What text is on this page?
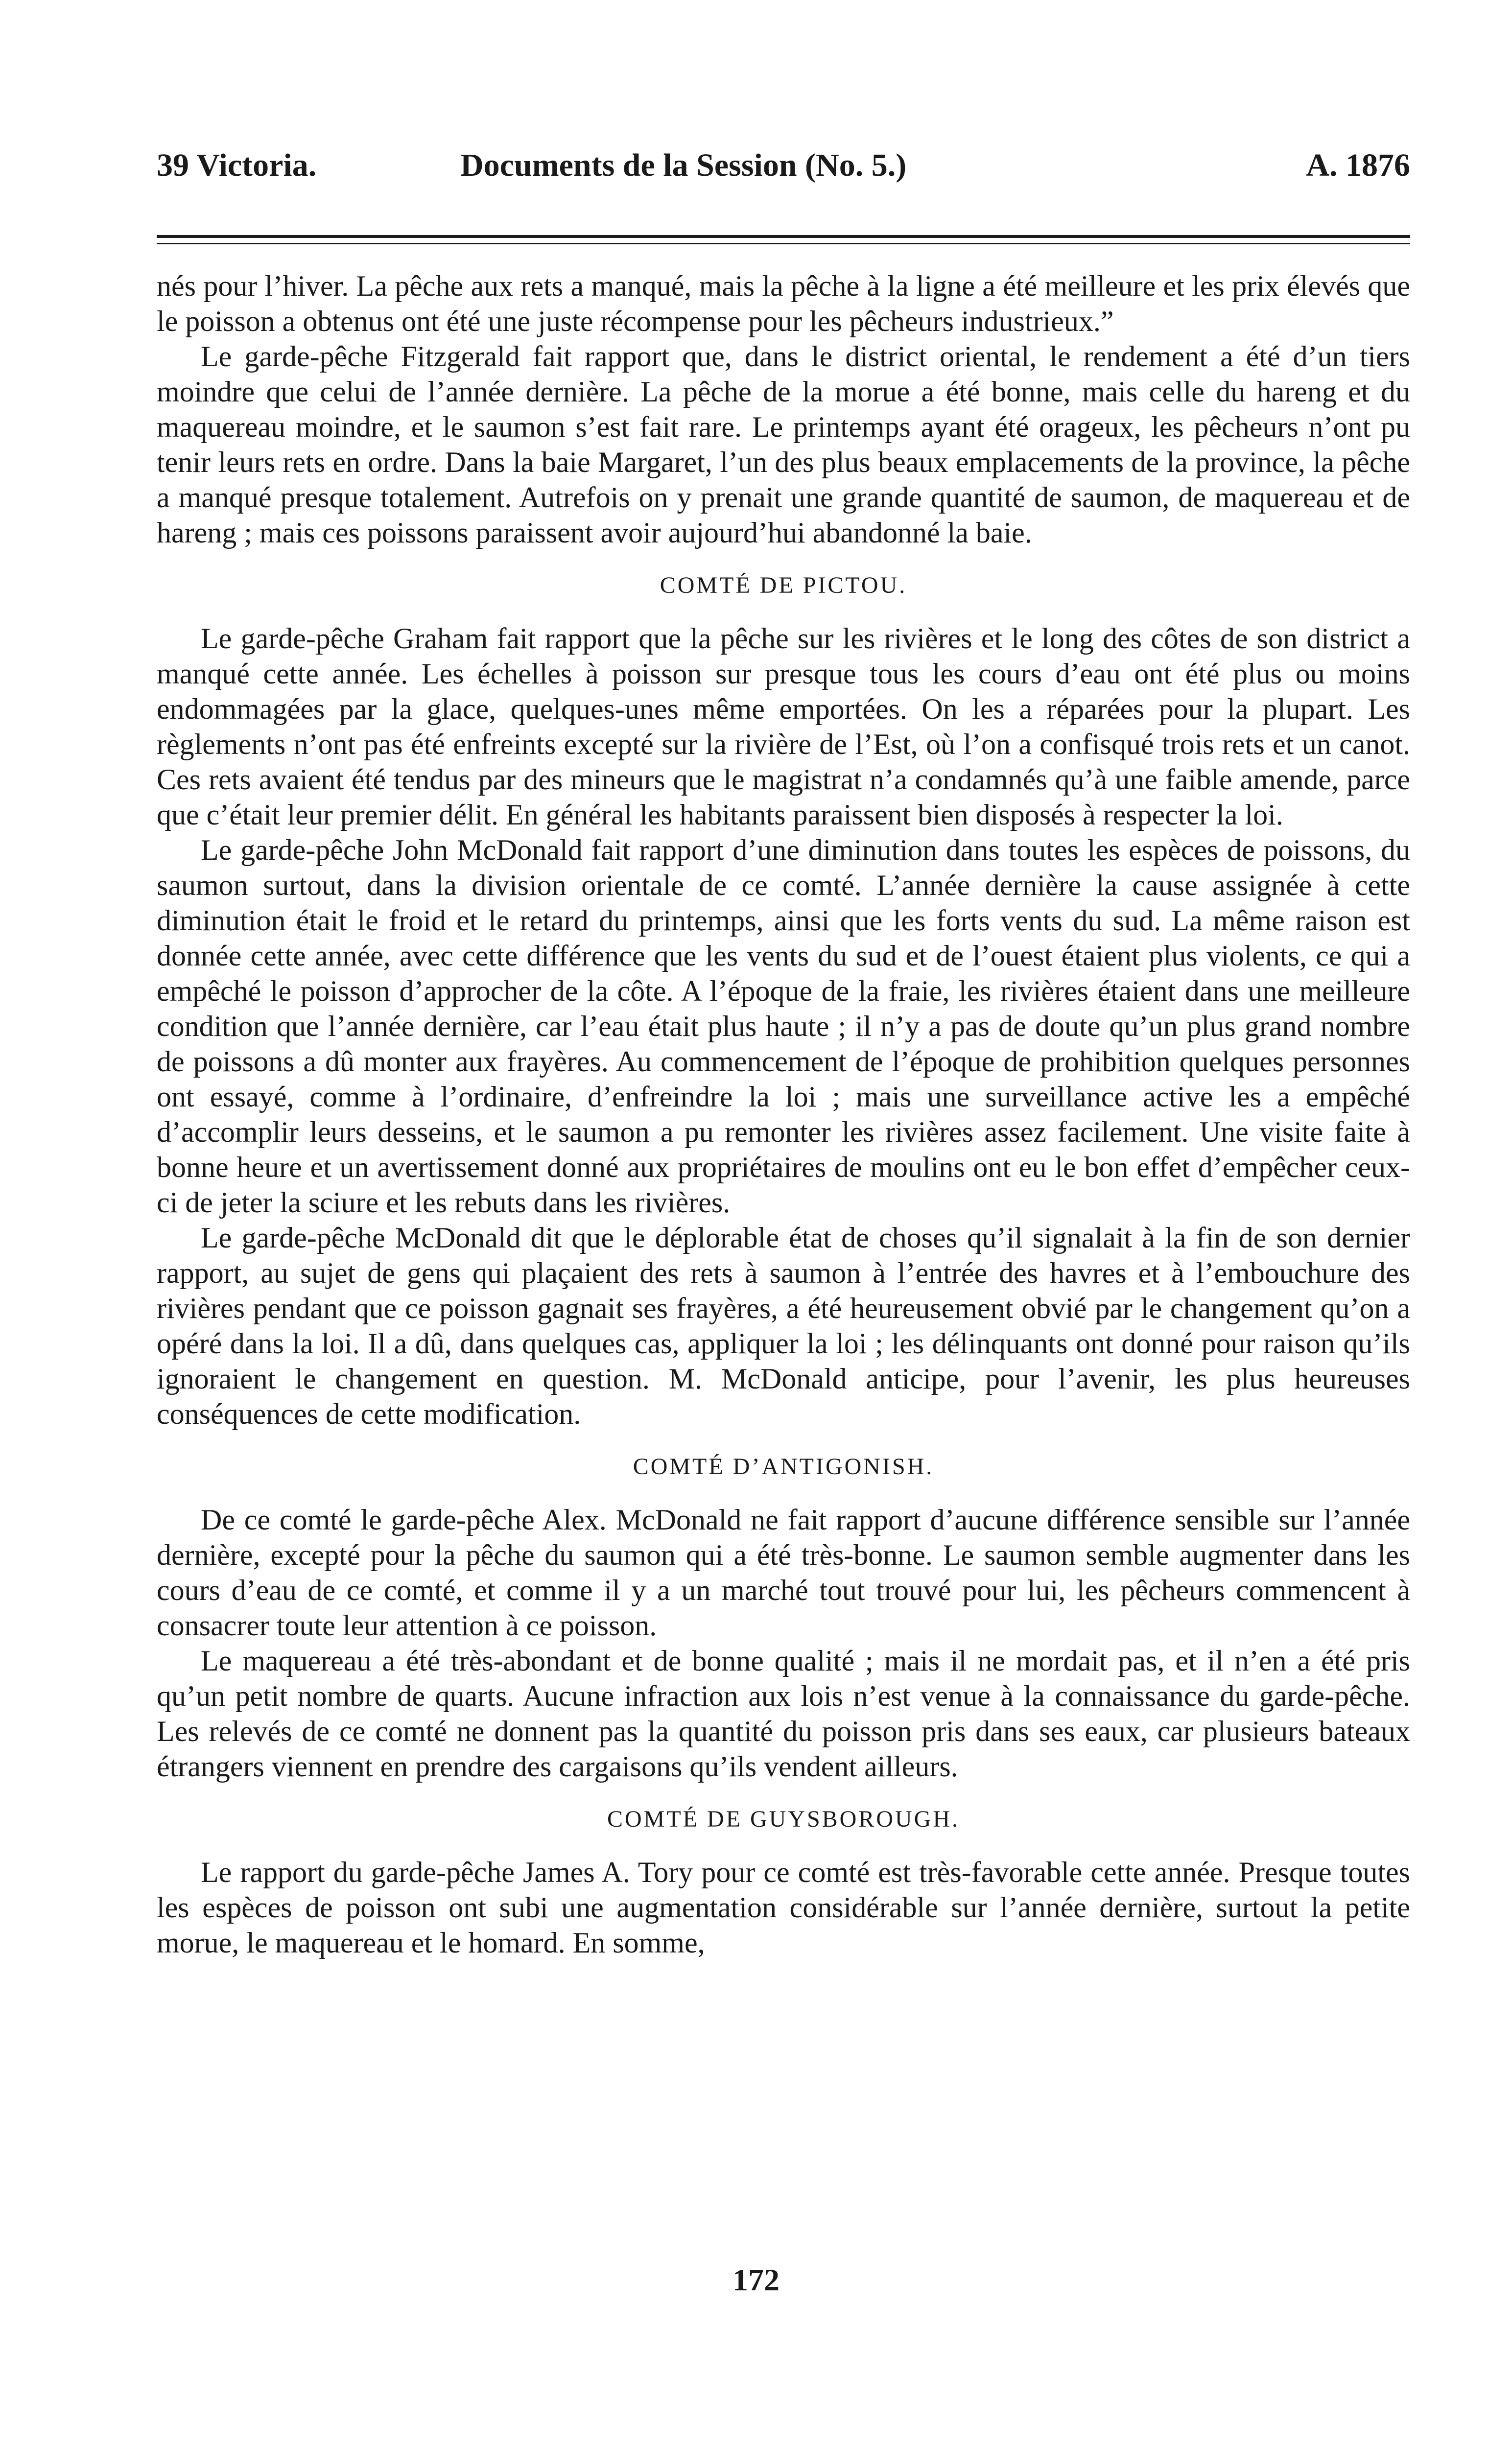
39 Victoria.	Documents de la Session (No. 5.)	A. 1876

nés pour l’hiver. La pêche aux rets a manqué, mais la pêche à la ligne a été meilleure et les prix élevés que le poisson a obtenus ont été une juste récompense pour les pêcheurs industrieux.”

Le garde-pêche Fitzgerald fait rapport que, dans le district oriental, le rendement a été d’un tiers moindre que celui de l’année dernière. La pêche de la morue a été bonne, mais celle du hareng et du maquereau moindre, et le saumon s’est fait rare. Le printemps ayant été orageux, les pêcheurs n’ont pu tenir leurs rets en ordre. Dans la baie Margaret, l’un des plus beaux emplacements de la province, la pêche a manqué presque totalement. Autrefois on y prenait une grande quantité de saumon, de maquereau et de hareng ; mais ces poissons paraissent avoir aujourd’hui abandonné la baie.

COMTÉ DE PICTOU.

Le garde-pêche Graham fait rapport que la pêche sur les rivières et le long des côtes de son district a manqué cette année. Les échelles à poisson sur presque tous les cours d’eau ont été plus ou moins endommagées par la glace, quelques-unes même emportées. On les a réparées pour la plupart. Les règlements n’ont pas été enfreints excepté sur la rivière de l’Est, où l’on a confisqué trois rets et un canot. Ces rets avaient été tendus par des mineurs que le magistrat n’a condamnés qu’à une faible amende, parce que c’était leur premier délit. En général les habitants paraissent bien disposés à respecter la loi.

Le garde-pêche John McDonald fait rapport d’une diminution dans toutes les espèces de poissons, du saumon surtout, dans la division orientale de ce comté. L’année dernière la cause assignée à cette diminution était le froid et le retard du printemps, ainsi que les forts vents du sud. La même raison est donnée cette année, avec cette différence que les vents du sud et de l’ouest étaient plus violents, ce qui a empêché le poisson d’approcher de la côte. A l’époque de la fraie, les rivières étaient dans une meilleure condition que l’année dernière, car l’eau était plus haute ; il n’y a pas de doute qu’un plus grand nombre de poissons a dû monter aux frayères. Au commencement de l’époque de prohibition quelques personnes ont essayé, comme à l’ordinaire, d’enfreindre la loi ; mais une surveillance active les a empêché d’accomplir leurs desseins, et le saumon a pu remonter les rivières assez facilement. Une visite faite à bonne heure et un avertissement donné aux propriétaires de moulins ont eu le bon effet d’empêcher ceux-ci de jeter la sciure et les rebuts dans les rivières.

Le garde-pêche McDonald dit que le déplorable état de choses qu’il signalait à la fin de son dernier rapport, au sujet de gens qui plaçaient des rets à saumon à l’entrée des havres et à l’embouchure des rivières pendant que ce poisson gagnait ses frayères, a été heureusement obvié par le changement qu’on a opéré dans la loi. Il a dû, dans quelques cas, appliquer la loi ; les délinquants ont donné pour raison qu’ils ignoraient le changement en question. M. McDonald anticipe, pour l’avenir, les plus heureuses conséquences de cette modification.

COMTÉ D’ANTIGONISH.

De ce comté le garde-pêche Alex. McDonald ne fait rapport d’aucune différence sensible sur l’année dernière, excepté pour la pêche du saumon qui a été très-bonne. Le saumon semble augmenter dans les cours d’eau de ce comté, et comme il y a un marché tout trouvé pour lui, les pêcheurs commencent à consacrer toute leur attention à ce poisson.

Le maquereau a été très-abondant et de bonne qualité ; mais il ne mordait pas, et il n’en a été pris qu’un petit nombre de quarts. Aucune infraction aux lois n’est venue à la connaissance du garde-pêche. Les relevés de ce comté ne donnent pas la quantité du poisson pris dans ses eaux, car plusieurs bateaux étrangers viennent en prendre des cargaisons qu’ils vendent ailleurs.

COMTÉ DE GUYSBOROUGH.

Le rapport du garde-pêche James A. Tory pour ce comté est très-favorable cette année. Presque toutes les espèces de poisson ont subi une augmentation considérable sur l’année dernière, surtout la petite morue, le maquereau et le homard. En somme,

172
